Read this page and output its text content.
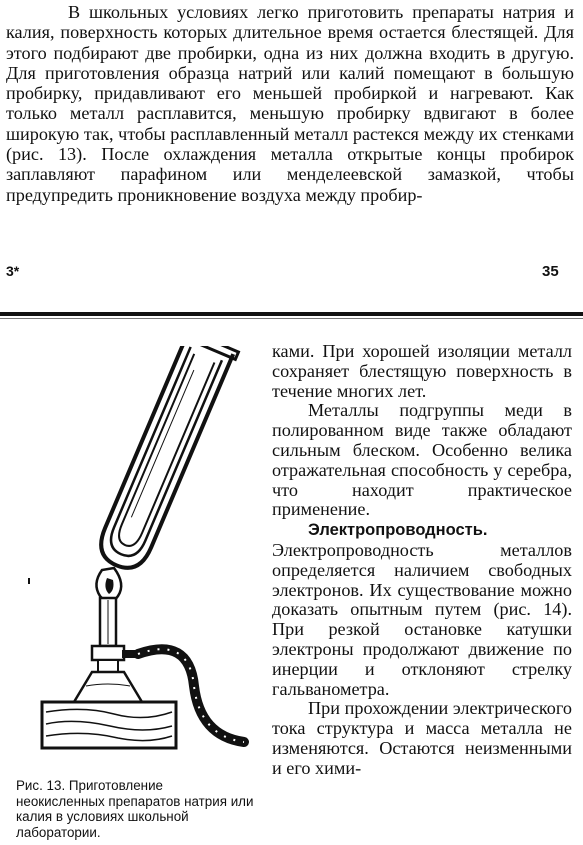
В школьных условиях легко приготовить препараты натрия и калия, поверхность которых длительное время остается блестящей. Для этого подбирают две пробирки, одна из них должна входить в другую. Для приготовления образца натрий или калий помещают в большую пробирку, придавливают его меньшей пробиркой и нагревают. Как только металл расплавится, меньшую пробирку вдвигают в более широкую так, чтобы расплавленный металл растекся между их стенками (рис. 13). После охлаждения металла открытые концы пробирок заплавляют парафином или менделеевской замазкой, чтобы предупредить проникновение воздуха между пробир-

3*	35

Рис. 13. Приготовление неокисленных препаратов натрия или калия в условиях школьной лаборатории.

ками. При хорошей изоляции металл сохраняет блестящую поверхность в течение многих лет.

Металлы подгруппы меди в полированном виде также обладают сильным блеском. Особенно велика отражательная способность у серебра, что находит практическое применение.

Электропроводность. Электропроводность металлов определяется наличием свободных электронов. Их существование можно доказать опытным путем (рис. 14). При резкой остановке катушки электроны продолжают движение по инерции и отклоняют стрелку гальванометра.

При прохождении электрического тока структура и масса металла не изменяются. Остаются неизменными и его хими-
